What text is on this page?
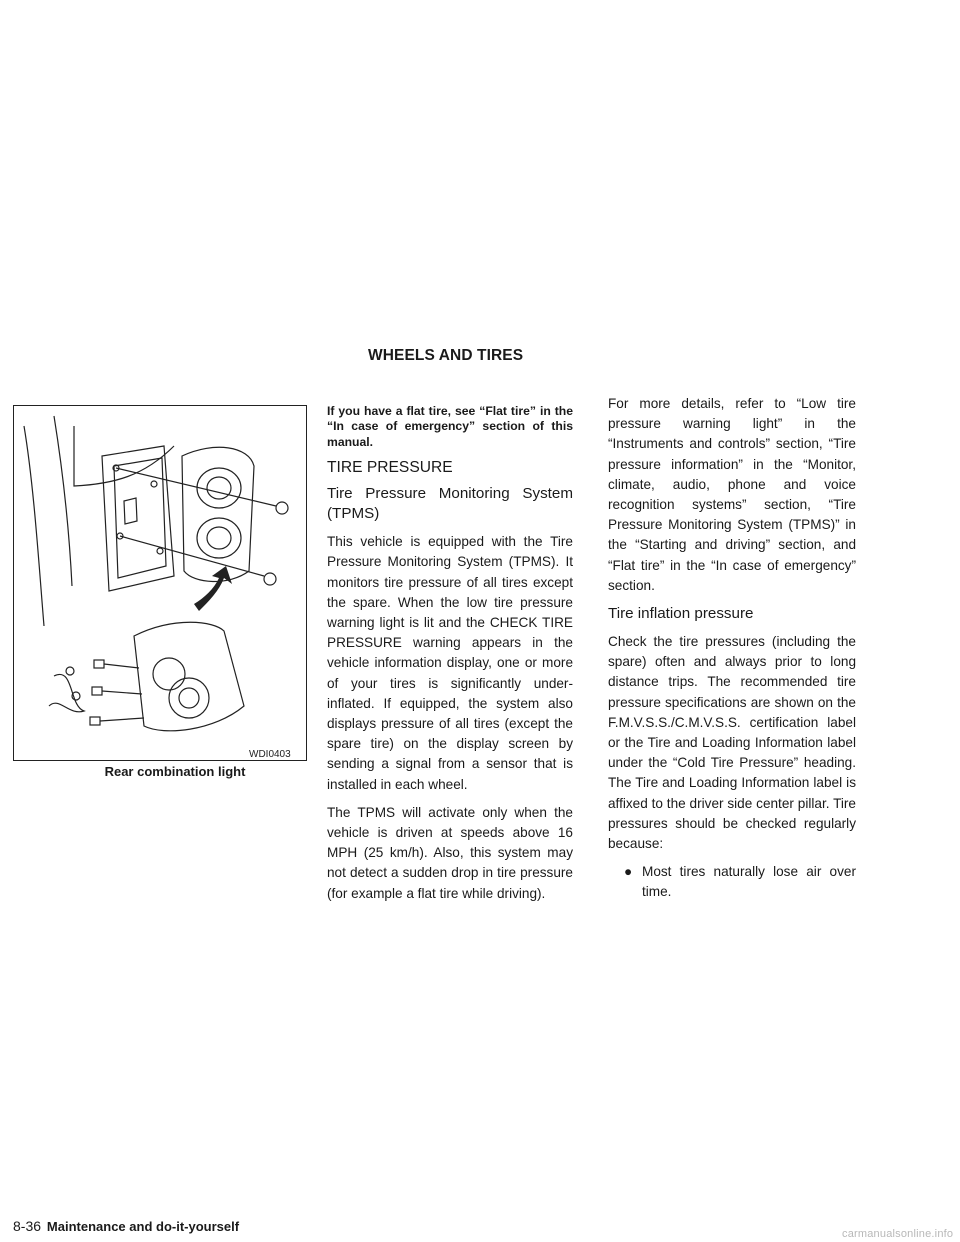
WHEELS AND TIRES
WDI0403
Rear combination light

If you have a flat tire, see “Flat tire” in the “In case of emergency” section of this manual.

TIRE PRESSURE

Tire Pressure Monitoring System (TPMS)

This vehicle is equipped with the Tire Pressure Monitoring System (TPMS). It monitors tire pressure of all tires except the spare. When the low tire pressure warning light is lit and the CHECK TIRE PRESSURE warning appears in the vehicle information display, one or more of your tires is significantly under-inflated. If equipped, the system also displays pressure of all tires (except the spare tire) on the display screen by sending a signal from a sensor that is installed in each wheel.

The TPMS will activate only when the vehicle is driven at speeds above 16 MPH (25 km/h). Also, this system may not detect a sudden drop in tire pressure (for example a flat tire while driving).

For more details, refer to “Low tire pressure warning light” in the “Instruments and controls” section, “Tire pressure information” in the “Monitor, climate, audio, phone and voice recognition systems” section, “Tire Pressure Monitoring System (TPMS)” in the “Starting and driving” section, and “Flat tire” in the “In case of emergency” section.

Tire inflation pressure

Check the tire pressures (including the spare) often and always prior to long distance trips. The recommended tire pressure specifications are shown on the F.M.V.S.S./C.M.V.S.S. certification label or the Tire and Loading Information label under the “Cold Tire Pressure” heading. The Tire and Loading Information label is affixed to the driver side center pillar. Tire pressures should be checked regularly because:

● Most tires naturally lose air over time.
8-36 Maintenance and do-it-yourself	carmanualsonline.info
